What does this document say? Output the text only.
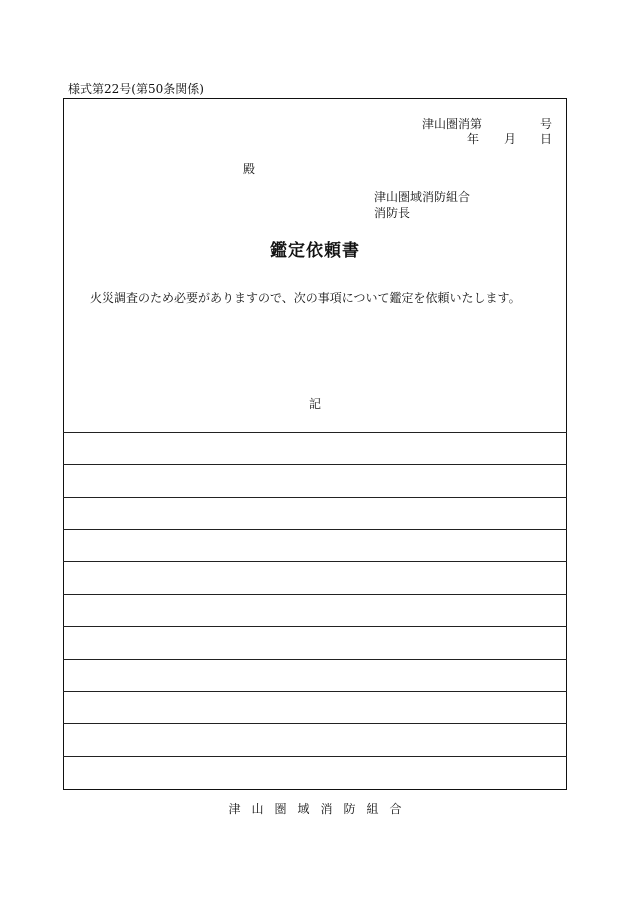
様式第22号(第50条関係)
津山圏消第	号
年 月 日
殿
津山圏域消防組合
消防長
鑑定依頼書
火災調査のため必要がありますので、次の事項について鑑定を依頼いたします。
記
津山圏域消防組合
